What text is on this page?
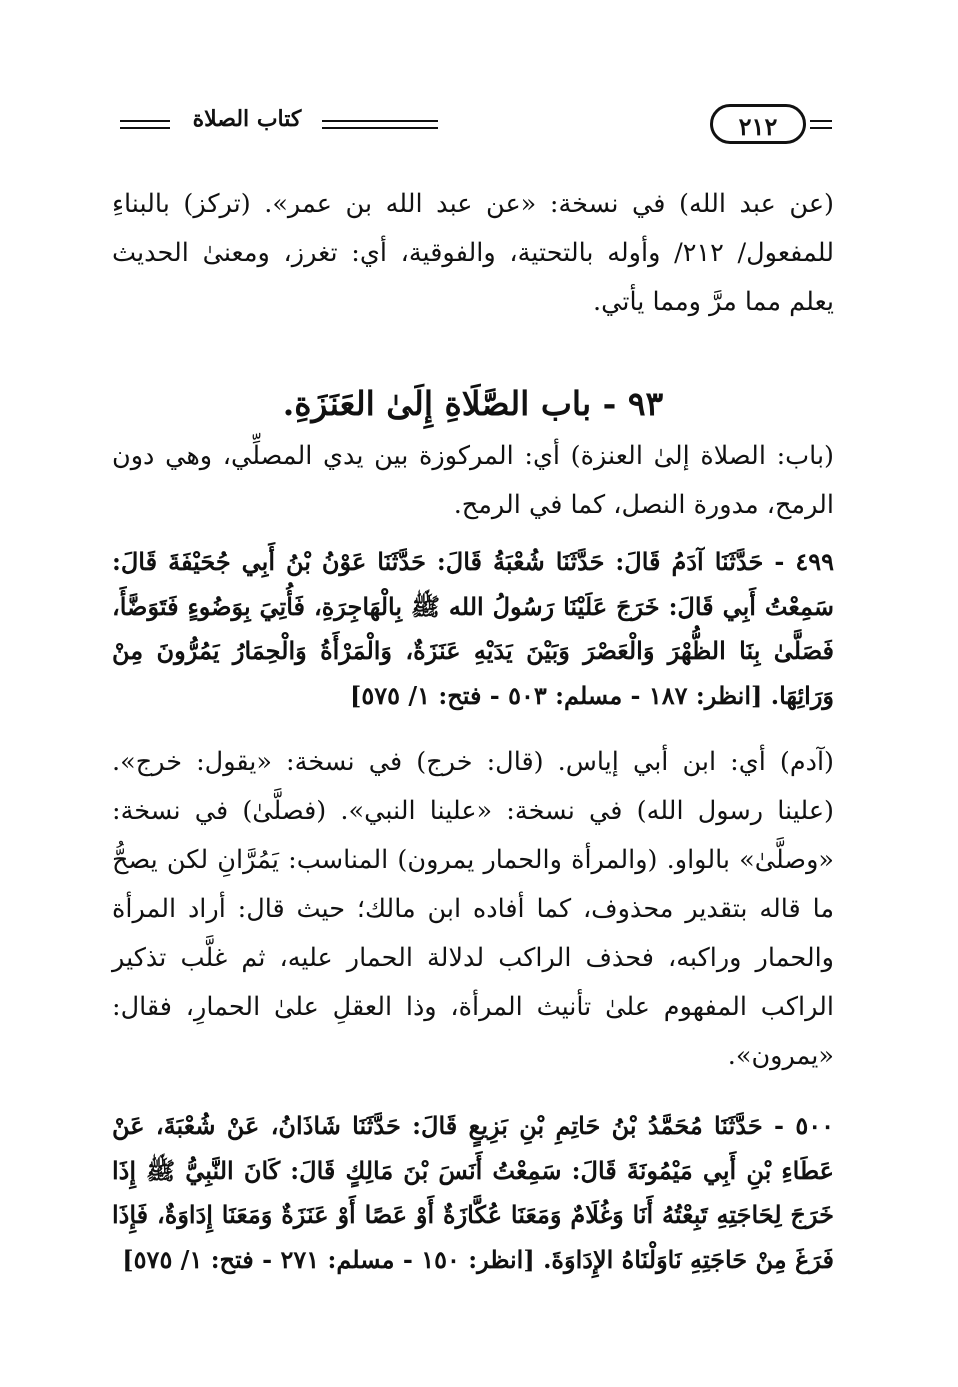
كتاب الصلاة	٢١٢

(عن عبد الله) في نسخة: «عن عبد الله بن عمر». (تركز) بالبناءِ للمفعول/ ٢١٢/ وأوله بالتحتية، والفوقية، أي: تغرز، ومعنىٰ الحديث يعلم مما مرَّ ومما يأتي.

٩٣ - باب الصَّلَاةِ إِلَىٰ العَنَزَةِ.

(باب: الصلاة إلىٰ العنزة) أي: المركوزة بين يدي المصلِّي، وهي دون الرمح، مدورة النصل، كما في الرمح.

٤٩٩ - حَدَّثَنَا آدَمُ قَالَ: حَدَّثَنَا شُعْبَةُ قَالَ: حَدَّثَنَا عَوْنُ بْنُ أَبِي جُحَيْفَةَ قَالَ: سَمِعْتُ أَبِي قَالَ: خَرَجَ عَلَيْنَا رَسُولُ الله ﷺ بِالْهَاجِرَةِ، فَأُتِيَ بِوَضُوءٍ فَتَوَضَّأَ، فَصَلَّىٰ بِنَا الظُّهْرَ وَالْعَصْرَ وَبَيْنَ يَدَيْهِ عَنَزَةٌ، وَالْمَرْأَةُ وَالْحِمَارُ يَمُرُّونَ مِنْ وَرَائِهَا. [انظر: ١٨٧ - مسلم: ٥٠٣ - فتح: ١/ ٥٧٥]

(آدم) أي: ابن أبي إياس. (قال: خرج) في نسخة: «يقول: خرج». (علينا رسول الله) في نسخة: «علينا النبي». (فصلَّىٰ) في نسخة: «وصلَّىٰ» بالواو. (والمرأة والحمار يمرون) المناسب: يَمُرَّانِ لكن يصحُّ ما قاله بتقدير محذوف، كما أفاده ابن مالك؛ حيث قال: أراد المرأة والحمار وراكبه، فحذف الراكب لدلالة الحمار عليه، ثم غلَّب تذكير الراكب المفهوم علىٰ تأنيث المرأة، وذا العقلِ علىٰ الحمارِ، فقال: «يمرون».

٥٠٠ - حَدَّثَنَا مُحَمَّدُ بْنُ حَاتِمِ بْنِ بَزِيعٍ قَالَ: حَدَّثَنَا شَاذَانُ، عَنْ شُعْبَةَ، عَنْ عَطَاءِ بْنِ أَبِي مَيْمُونَةَ قَالَ: سَمِعْتُ أَنَسَ بْنَ مَالِكٍ قَالَ: كَانَ النَّبِيُّ ﷺ إِذَا خَرَجَ لِحَاجَتِهِ تَبِعْتُهُ أَنَا وَغُلَامٌ وَمَعَنَا عُكَّازَةٌ أَوْ عَصًا أَوْ عَنَزَةٌ وَمَعَنَا إِدَاوَةٌ، فَإِذَا فَرَغَ مِنْ حَاجَتِهِ نَاوَلْنَاهُ الإِدَاوَةَ. [انظر: ١٥٠ - مسلم: ٢٧١ - فتح: ١/ ٥٧٥]
